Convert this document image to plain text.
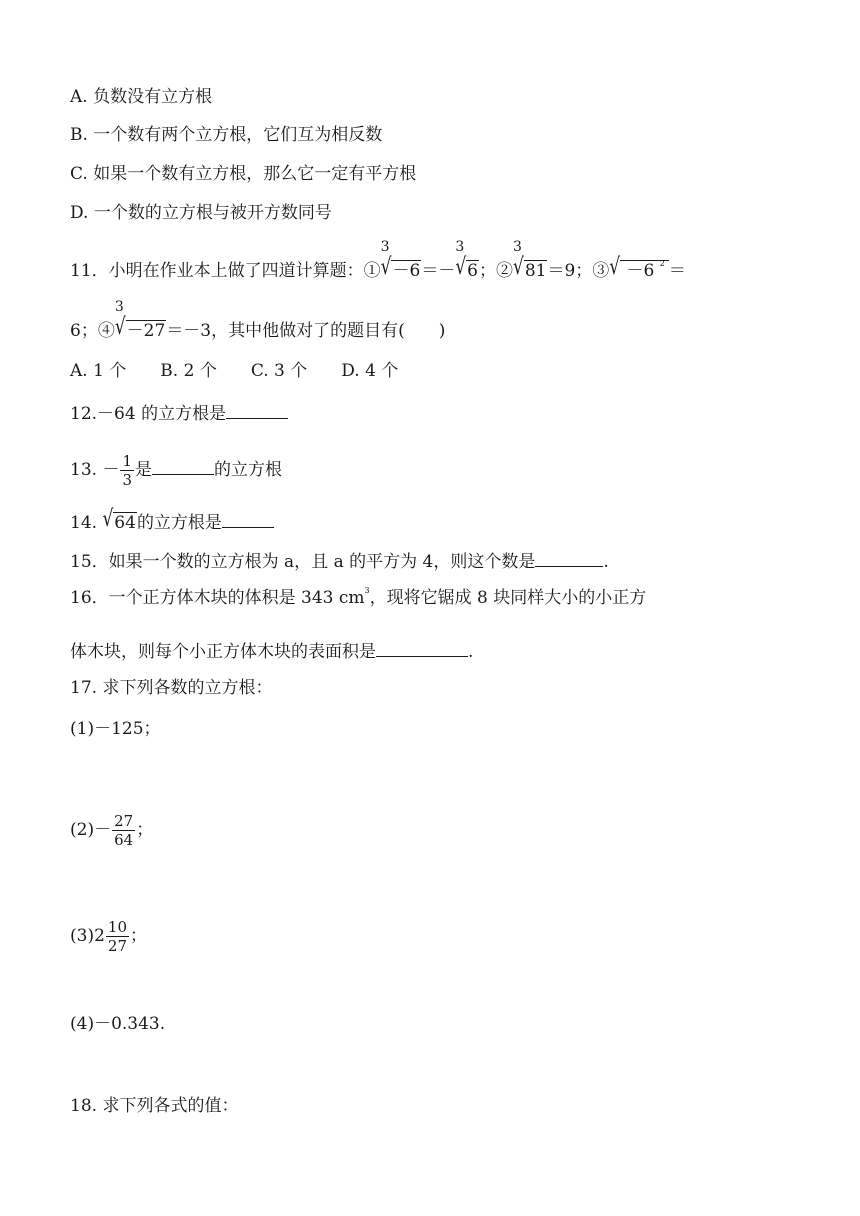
A. 负数没有立方根
B. 一个数有两个立方根，它们互为相反数
C. 如果一个数有立方根，那么它一定有平方根
D. 一个数的立方根与被开方数同号
11．小明在作业本上做了四道计算题：①
3
√－6＝－
3
√6；②
3
√81＝9；③√ －6 $^2$ ＝
6；④
3
√－27＝－3，其中他做对了的题目有(　　)
A. 1 个　　B. 2 个　　C. 3 个　　D. 4 个
12.－64 的立方根是
13. － $\frac{1}{3}$ 是	的立方根
14. √64的立方根是
15．如果一个数的立方根为 a，且 a 的平方为 4，则这个数是	.
16．一个正方体木块的体积是 343 $cm^3$，现将它锯成 8 块同样大小的小正方
体木块，则每个小正方体木块的表面积是	.
17. 求下列各数的立方根：
(1)－125；
$(2)- \frac{27}{64}$ ；
$(3)2 \frac{10}{27}$ ；
(4)－0.343.
18. 求下列各式的值：
